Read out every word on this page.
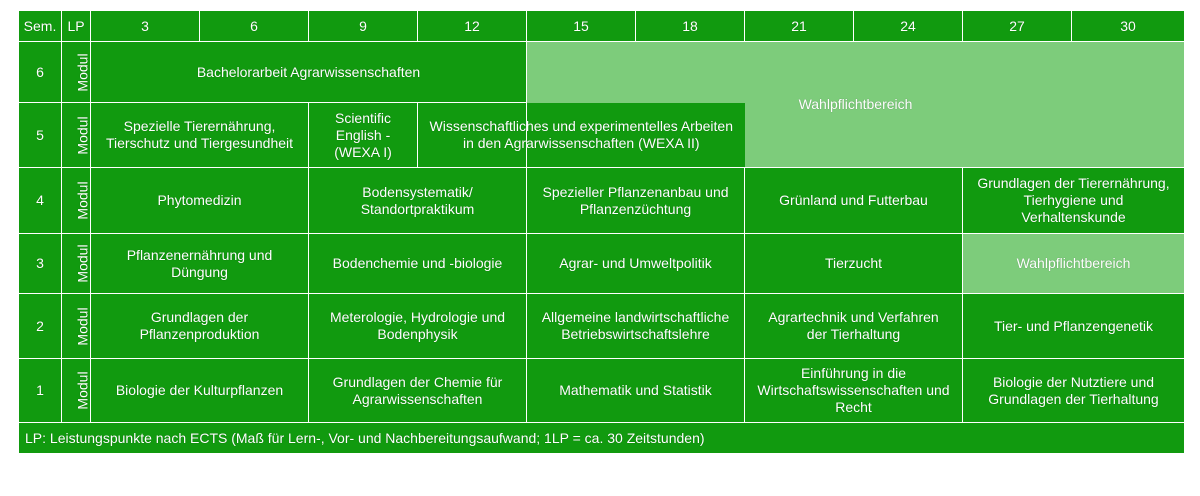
Sem.	LP	3	6	9	12	15	18	21	24	27	30
6	Modul	Bachelorarbeit Agrarwissenschaften				Wahlpflichtbereich					
5	Modul	Spezielle Tierernährung,
Tierschutz und Tiergesundheit		Scientific
English -
(WEXA I)	Wissenschaftliches und experimentelles Arbeiten
in den Agrarwissenschaften (WEXA II)						
4	Modul	Phytomedizin		Bodensystematik/
Standortpraktikum		Spezieller Pflanzenanbau und
Pflanzenzüchtung		Grünland und Futterbau		Grundlagen der Tierernährung,
Tierhygiene und
Verhaltenskunde	
3	Modul	Pflanzenernährung und
Düngung		Bodenchemie und -biologie		Agrar- und Umweltpolitik		Tierzucht		Wahlpflichtbereich	
2	Modul	Grundlagen der
Pflanzenproduktion		Meterologie, Hydrologie und
Bodenphysik		Allgemeine landwirtschaftliche
Betriebswirtschaftslehre		Agrartechnik und Verfahren
der Tierhaltung		Tier- und Pflanzengenetik	
1	Modul	Biologie der Kulturpflanzen		Grundlagen der Chemie für
Agrarwissenschaften		Mathematik und Statistik		Einführung in die
Wirtschaftswissenschaften und
Recht		Biologie der Nutztiere und
Grundlagen der Tierhaltung	
LP: Leistungspunkte nach ECTS (Maß für Lern-, Vor- und Nachbereitungsaufwand; 1LP = ca. 30 Zeitstunden)											
